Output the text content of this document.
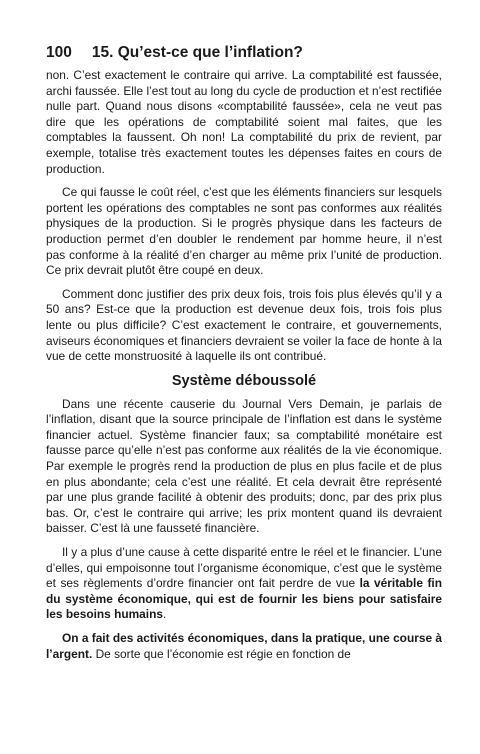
100 15. Qu’est-ce que l’inflation?

non. C’est exactement le contraire qui arrive. La comptabilité est faussée, archi faussée. Elle l’est tout au long du cycle de production et n’est rectifiée nulle part. Quand nous disons «comptabilité faussée», cela ne veut pas dire que les opérations de comptabilité soient mal faites, que les comptables la faussent. Oh non! La comptabilité du prix de revient, par exemple, totalise très exactement toutes les dépenses faites en cours de production.

Ce qui fausse le coût réel, c’est que les éléments financiers sur lesquels portent les opérations des comptables ne sont pas conformes aux réalités physiques de la production. Si le progrès physique dans les facteurs de production permet d’en doubler le rendement par homme heure, il n’est pas conforme à la réalité d’en charger au même prix l’unité de production. Ce prix devrait plutôt être coupé en deux.

Comment donc justifier des prix deux fois, trois fois plus élevés qu’il y a 50 ans? Est-ce que la production est devenue deux fois, trois fois plus lente ou plus difficile? C’est exactement le contraire, et gouvernements, aviseurs économiques et financiers devraient se voiler la face de honte à la vue de cette monstruosité à laquelle ils ont contribué.

Système déboussolé

Dans une récente causerie du Journal Vers Demain, je parlais de l’inflation, disant que la source principale de l’inflation est dans le système financier actuel. Système financier faux; sa comptabilité monétaire est fausse parce qu’elle n’est pas conforme aux réalités de la vie économique. Par exemple le progrès rend la production de plus en plus facile et de plus en plus abondante; cela c’est une réalité. Et cela devrait être représenté par une plus grande facilité à obtenir des produits; donc, par des prix plus bas. Or, c’est le contraire qui arrive; les prix montent quand ils devraient baisser. C’est là une fausseté financière.

Il y a plus d’une cause à cette disparité entre le réel et le financier. L’une d’elles, qui empoisonne tout l’organisme économique, c’est que le système et ses règlements d’ordre financier ont fait perdre de vue la véritable fin du système économique, qui est de fournir les biens pour satisfaire les besoins humains.

On a fait des activités économiques, dans la pratique, une course à l’argent. De sorte que l’économie est régie en fonction de
